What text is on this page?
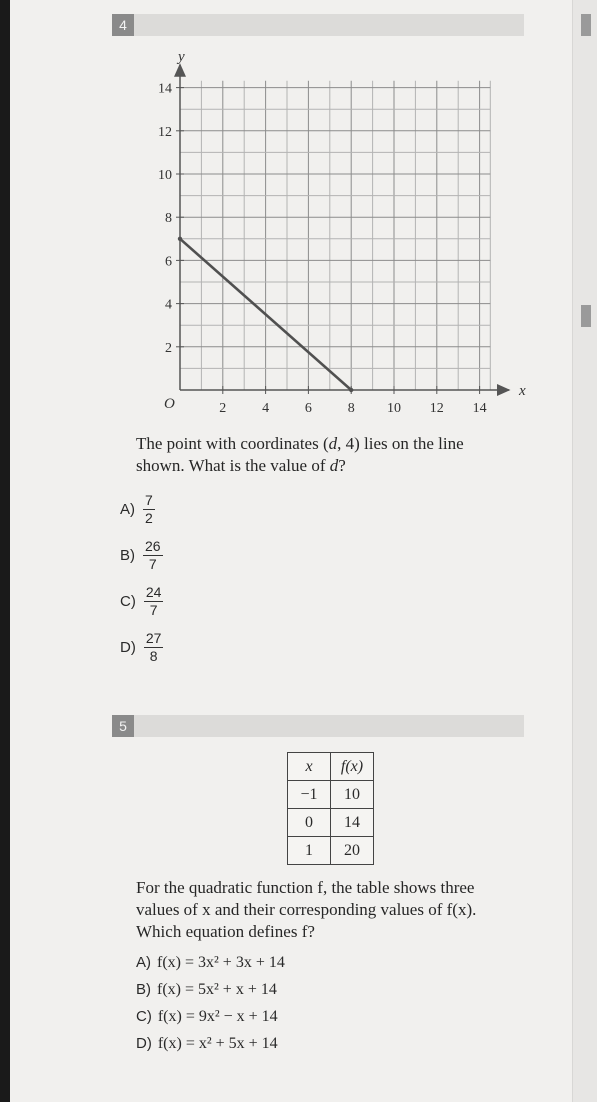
4
x
y
O	2	4	6	8 10 12 14
2
4
6
8
10
12
14
The point with coordinates (d, 4) lies on the line
shown. What is the value of d?
$A) \frac{7}{2}$
$B) \frac{26}{7}$
$C) \frac{24}{7}$
$D) \frac{27}{8}$
5
x	f(x)
−1	10
0	14
1	20
For the quadratic function f, the table shows three
values of x and their corresponding values of f(x).
Which equation defines f?
A) f(x) = 3x² + 3x + 14
B) f(x) = 5x² + x + 14
C) f(x) = 9x² − x + 14
D) f(x) = x² + 5x + 14
